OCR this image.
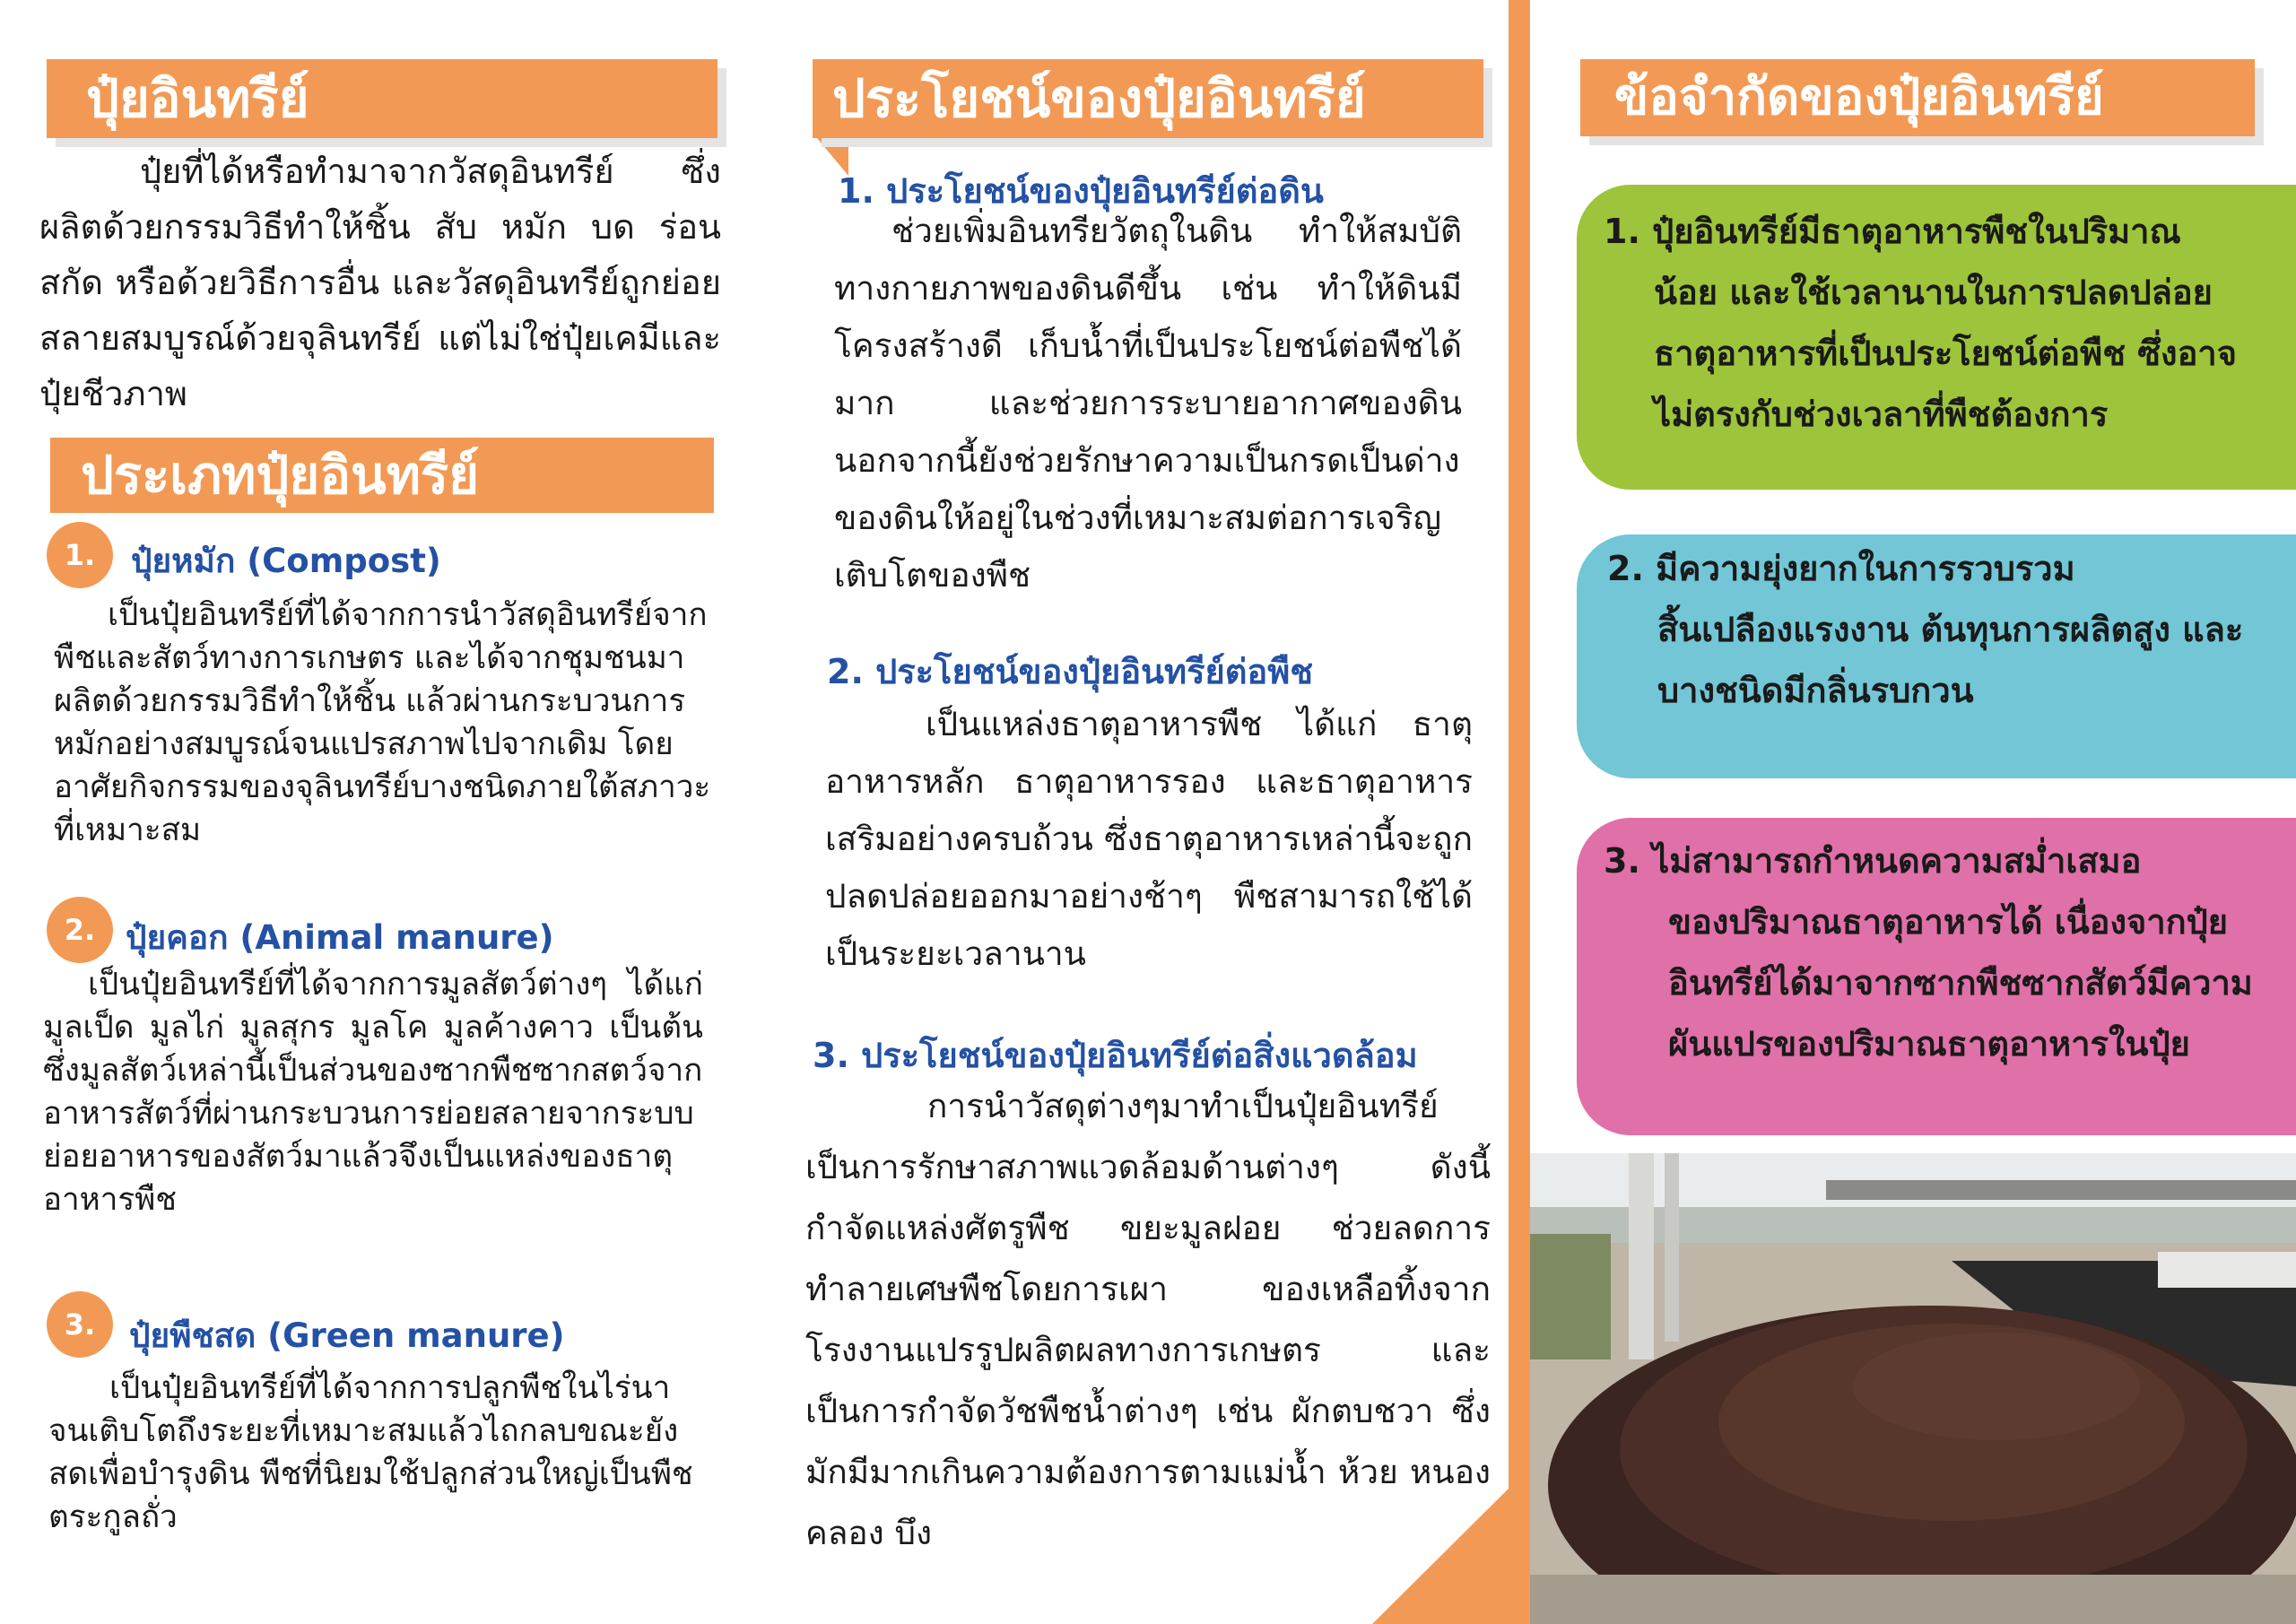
ปุ๋ยอินทรีย์
ปุ๋ยที่ได้หรือทำมาจากวัสดุอินทรีย์ ซึ่งผลิตด้วยกรรมวิธีทำให้ชิ้น สับ หมัก บด ร่อน สกัด หรือด้วยวิธีการอื่น และวัสดุอินทรีย์ถูกย่อยสลายสมบูรณ์ด้วยจุลินทรีย์ แต่ไม่ใช่ปุ๋ยเคมีและปุ๋ยชีวภาพ
ประเภทปุ๋ยอินทรีย์
1. ปุ๋ยหมัก (Compost)
เป็นปุ๋ยอินทรีย์ที่ได้จากการนำวัสดุอินทรีย์จากพืชและสัตว์ทางการเกษตร และได้จากชุมชนมาผลิตด้วยกรรมวิธีทำให้ชิ้น แล้วผ่านกระบวนการหมักอย่างสมบูรณ์จนแปรสภาพไปจากเดิม โดยอาศัยกิจกรรมของจุลินทรีย์บางชนิดภายใต้สภาวะที่เหมาะสม
2. ปุ๋ยคอก (Animal manure)
เป็นปุ๋ยอินทรีย์ที่ได้จากการมูลสัตว์ต่างๆ ได้แก่ มูลเป็ด มูลไก่ มูลสุกร มูลโค มูลค้างคาว เป็นต้น ซึ่งมูลสัตว์เหล่านี้เป็นส่วนของซากพืชซากสตว์จากอาหารสัตว์ที่ผ่านกระบวนการย่อยสลายจากระบบย่อยอาหารของสัตว์มาแล้วจึงเป็นแหล่งของธาตุอาหารพืช
3. ปุ๋ยพืชสด (Green manure)
เป็นปุ๋ยอินทรีย์ที่ได้จากการปลูกพืชในไร่นาจนเติบโตถึงระยะที่เหมาะสมแล้วไถกลบขณะยังสดเพื่อบำรุงดิน พืชที่นิยมใช้ปลูกส่วนใหญ่เป็นพืชตระกูลถั่ว
ประโยชน์ของปุ๋ยอินทรีย์
1. ประโยชน์ของปุ๋ยอินทรีย์ต่อดิน
ช่วยเพิ่มอินทรียวัตถุในดิน ทำให้สมบัติทางกายภาพของดินดีขึ้น เช่น ทำให้ดินมีโครงสร้างดี เก็บน้ำที่เป็นประโยชน์ต่อพืชได้มาก และช่วยการระบายอากาศของดิน นอกจากนี้ยังช่วยรักษาความเป็นกรดเป็นด่างของดินให้อยู่ในช่วงที่เหมาะสมต่อการเจริญเติบโตของพืช
2. ประโยชน์ของปุ๋ยอินทรีย์ต่อพืช
เป็นแหล่งธาตุอาหารพืช ได้แก่ ธาตุอาหารหลัก ธาตุอาหารรอง และธาตุอาหารเสริมอย่างครบถ้วน ซึ่งธาตุอาหารเหล่านี้จะถูกปลดปล่อยออกมาอย่างช้าๆ พืชสามารถใช้ได้เป็นระยะเวลานาน
3. ประโยชน์ของปุ๋ยอินทรีย์ต่อสิ่งแวดล้อม
การนำวัสดุต่างๆมาทำเป็นปุ๋ยอินทรีย์ เป็นการรักษาสภาพแวดล้อมด้านต่างๆ ดังนี้ กำจัดแหล่งศัตรูพืช ขยะมูลฝอย ช่วยลดการทำลายเศษพืชโดยการเผา ของเหลือทิ้งจากโรงงานแปรรูปผลิตผลทางการเกษตร และเป็นการกำจัดวัชพืชน้ำต่างๆ เช่น ผักตบชวา ซึ่งมักมีมากเกินความต้องการตามแม่น้ำ ห้วย หนอง คลอง บึง
ข้อจำกัดของปุ๋ยอินทรีย์
1. ปุ๋ยอินทรีย์มีธาตุอาหารพืชในปริมาณ
น้อย และใช้เวลานานในการปลดปล่อยธาตุอาหารที่เป็นประโยชน์ต่อพืช ซึ่งอาจไม่ตรงกับช่วงเวลาที่พืชต้องการ
2. มีความยุ่งยากในการรวบรวม
สิ้นเปลืองแรงงาน ต้นทุนการผลิตสูง และบางชนิดมีกลิ่นรบกวน
3. ไม่สามารถกำหนดความสม่ำเสมอ
ของปริมาณธาตุอาหารได้ เนื่องจากปุ๋ยอินทรีย์ได้มาจากซากพืชซากสัตว์มีความผันแปรของปริมาณธาตุอาหารในปุ๋ย
